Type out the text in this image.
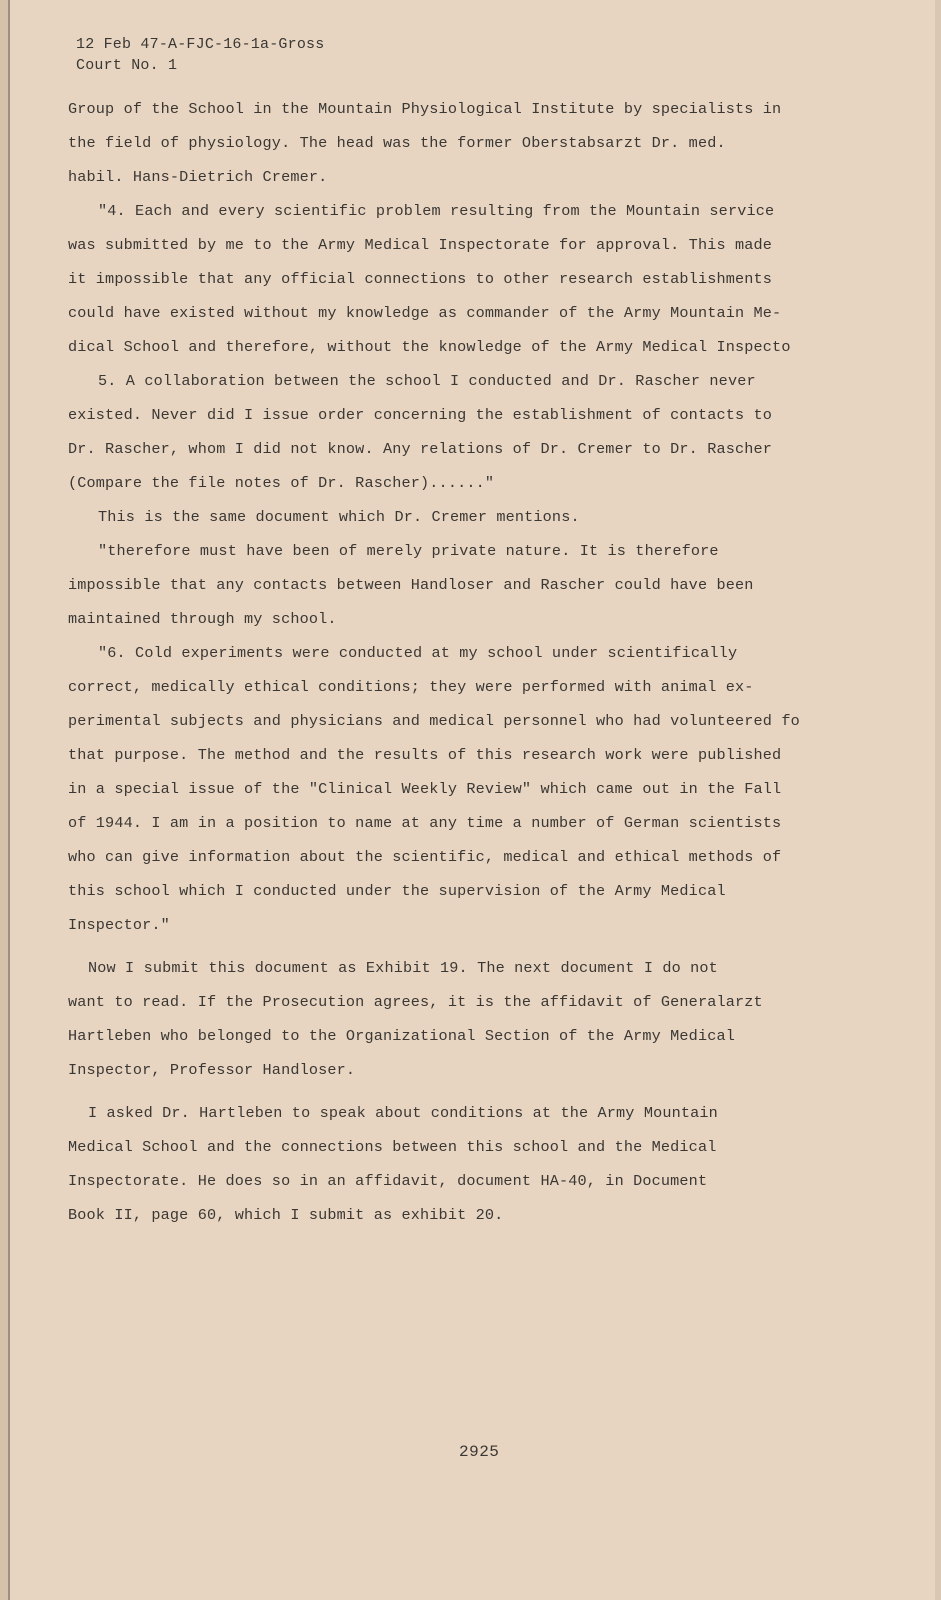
12 Feb 47-A-FJC-16-1a-Gross
Court No. 1
Group of the School in the Mountain Physiological Institute by specialists in
the field of physiology. The head was the former Oberstabsarzt Dr. med.
habil. Hans-Dietrich Cremer.
"4. Each and every scientific problem resulting from the Mountain service
was submitted by me to the Army Medical Inspectorate for approval. This made
it impossible that any official connections to other research establishments
could have existed without my knowledge as commander of the Army Mountain Me-
dical School and therefore, without the knowledge of the Army Medical Inspecto
5. A collaboration between the school I conducted and Dr. Rascher never
existed. Never did I issue order concerning the establishment of contacts to
Dr. Rascher, whom I did not know. Any relations of Dr. Cremer to Dr. Rascher
(Compare the file notes of Dr. Rascher)......"
This is the same document which Dr. Cremer mentions.
"therefore must have been of merely private nature. It is therefore
impossible that any contacts between Handloser and Rascher could have been
maintained through my school.
"6. Cold experiments were conducted at my school under scientifically
correct, medically ethical conditions; they were performed with animal ex-
perimental subjects and physicians and medical personnel who had volunteered fo
that purpose. The method and the results of this research work were published
in a special issue of the "Clinical Weekly Review" which came out in the Fall
of 1944. I am in a position to name at any time a number of German scientists
who can give information about the scientific, medical and ethical methods of
this school which I conducted under the supervision of the Army Medical
Inspector."
Now I submit this document as Exhibit 19. The next document I do not
want to read. If the Prosecution agrees, it is the affidavit of Generalarzt
Hartleben who belonged to the Organizational Section of the Army Medical
Inspector, Professor Handloser.
I asked Dr. Hartleben to speak about conditions at the Army Mountain
Medical School and the connections between this school and the Medical
Inspectorate. He does so in an affidavit, document HA-40, in Document
Book II, page 60, which I submit as exhibit 20.
2925
